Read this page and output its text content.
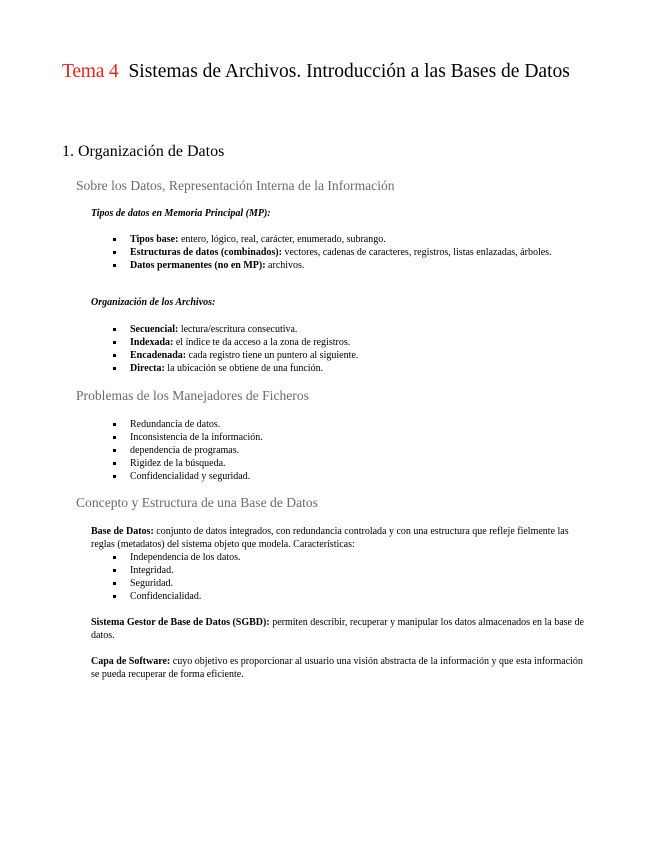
Tema 4 Sistemas de Archivos. Introducción a las Bases de Datos
1. Organización de Datos
Sobre los Datos, Representación Interna de la Información
Tipos de datos en Memoria Principal (MP):
Tipos base: entero, lógico, real, carácter, enumerado, subrango.
Estructuras de datos (combinados): vectores, cadenas de caracteres, registros, listas enlazadas, árboles.
Datos permanentes (no en MP): archivos.
Organización de los Archivos:
Secuencial: lectura/escritura consecutiva.
Indexada: el índice te da acceso a la zona de registros.
Encadenada: cada registro tiene un puntero al siguiente.
Directa: la ubicación se obtiene de una función.
Problemas de los Manejadores de Ficheros
Redundancia de datos.
Inconsistencia de la información.
dependencia de programas.
Rigidez de la búsqueda.
Confidencialidad y seguridad.
Concepto y Estructura de una Base de Datos

Base de Datos: conjunto de datos integrados, con redundancia controlada y con una estructura que refleje fielmente las reglas (metadatos) del sistema objeto que modela. Características:

Independencia de los datos.
Integridad.
Seguridad.
Confidencialidad.

Sistema Gestor de Base de Datos (SGBD): permiten describir, recuperar y manipular los datos almacenados en la base de datos.

Capa de Software: cuyo objetivo es proporcionar al usuario una visión abstracta de la información y que esta información se pueda recuperar de forma eficiente.
